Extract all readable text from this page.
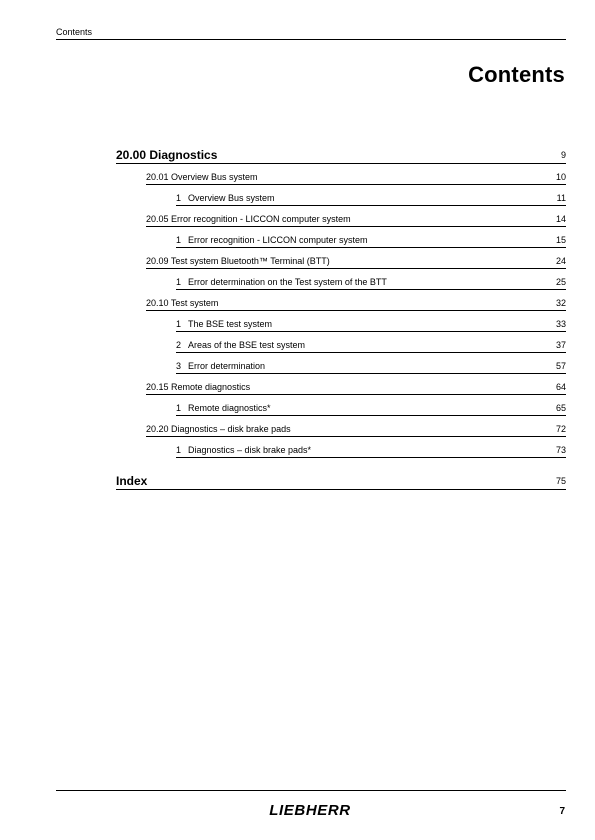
Contents
Contents
20.00 Diagnostics	9
20.01 Overview Bus system	10
1 Overview Bus system	11
20.05 Error recognition - LICCON computer system	14
1 Error recognition - LICCON computer system	15
20.09 Test system Bluetooth™ Terminal (BTT)	24
1 Error determination on the Test system of the BTT	25
20.10 Test system	32
1 The BSE test system	33
2 Areas of the BSE test system	37
3 Error determination	57
20.15 Remote diagnostics	64
1 Remote diagnostics*	65
20.20 Diagnostics – disk brake pads	72
1 Diagnostics – disk brake pads*	73
Index	75
LIEBHERR	7
